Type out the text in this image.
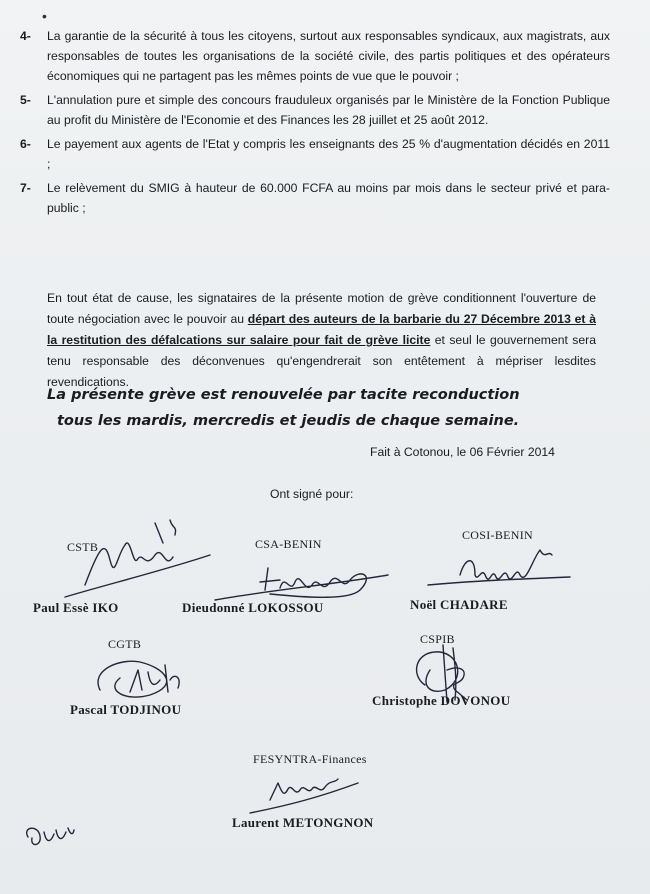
•
4- La garantie de la sécurité à tous les citoyens, surtout aux responsables syndicaux, aux magistrats, aux responsables de toutes les organisations de la société civile, des partis politiques et des opérateurs économiques qui ne partagent pas les mêmes points de vue que le pouvoir ;
5- L'annulation pure et simple des concours frauduleux organisés par le Ministère de la Fonction Publique au profit du Ministère de l'Economie et des Finances les 28 juillet et 25 août 2012.
6- Le payement aux agents de l'Etat y compris les enseignants des 25 % d'augmentation décidés en 2011 ;
7- Le relèvement du SMIG à hauteur de 60.000 FCFA au moins par mois dans le secteur privé et para-public ;

En tout état de cause, les signataires de la présente motion de grève conditionnent l'ouverture de toute négociation avec le pouvoir au départ des auteurs de la barbarie du 27 Décembre 2013 et à la restitution des défalcations sur salaire pour fait de grève licite et seul le gouvernement sera tenu responsable des déconvenues qu'engendrerait son entêtement à mépriser lesdites revendications.

La présente grève est renouvelée par tacite reconduction
tous les mardis, mercredis et jeudis de chaque semaine.
Fait à Cotonou, le 06 Février 2014
Ont signé pour:
CSTB
Paul Essè IKO
CSA-BENIN
Dieudonné LOKOSSOU
COSI-BENIN
Noël CHADARE
CGTB
Pascal TODJINOU
CSPIB
Christophe DOVONOU
FESYNTRA-Finances
Laurent METONGNON
